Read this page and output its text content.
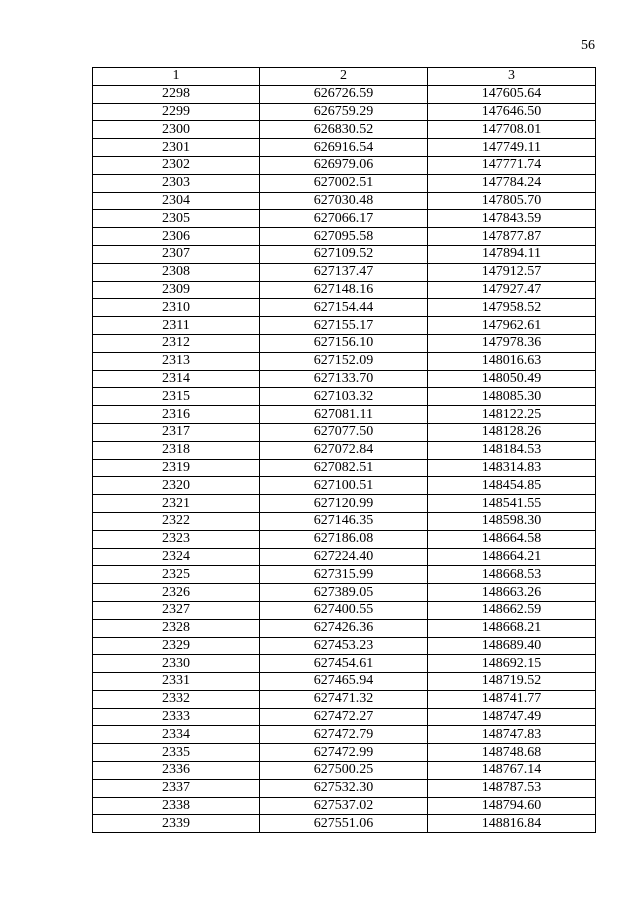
56
1	2	3
2298	626726.59	147605.64
2299	626759.29	147646.50
2300	626830.52	147708.01
2301	626916.54	147749.11
2302	626979.06	147771.74
2303	627002.51	147784.24
2304	627030.48	147805.70
2305	627066.17	147843.59
2306	627095.58	147877.87
2307	627109.52	147894.11
2308	627137.47	147912.57
2309	627148.16	147927.47
2310	627154.44	147958.52
2311	627155.17	147962.61
2312	627156.10	147978.36
2313	627152.09	148016.63
2314	627133.70	148050.49
2315	627103.32	148085.30
2316	627081.11	148122.25
2317	627077.50	148128.26
2318	627072.84	148184.53
2319	627082.51	148314.83
2320	627100.51	148454.85
2321	627120.99	148541.55
2322	627146.35	148598.30
2323	627186.08	148664.58
2324	627224.40	148664.21
2325	627315.99	148668.53
2326	627389.05	148663.26
2327	627400.55	148662.59
2328	627426.36	148668.21
2329	627453.23	148689.40
2330	627454.61	148692.15
2331	627465.94	148719.52
2332	627471.32	148741.77
2333	627472.27	148747.49
2334	627472.79	148747.83
2335	627472.99	148748.68
2336	627500.25	148767.14
2337	627532.30	148787.53
2338	627537.02	148794.60
2339	627551.06	148816.84
